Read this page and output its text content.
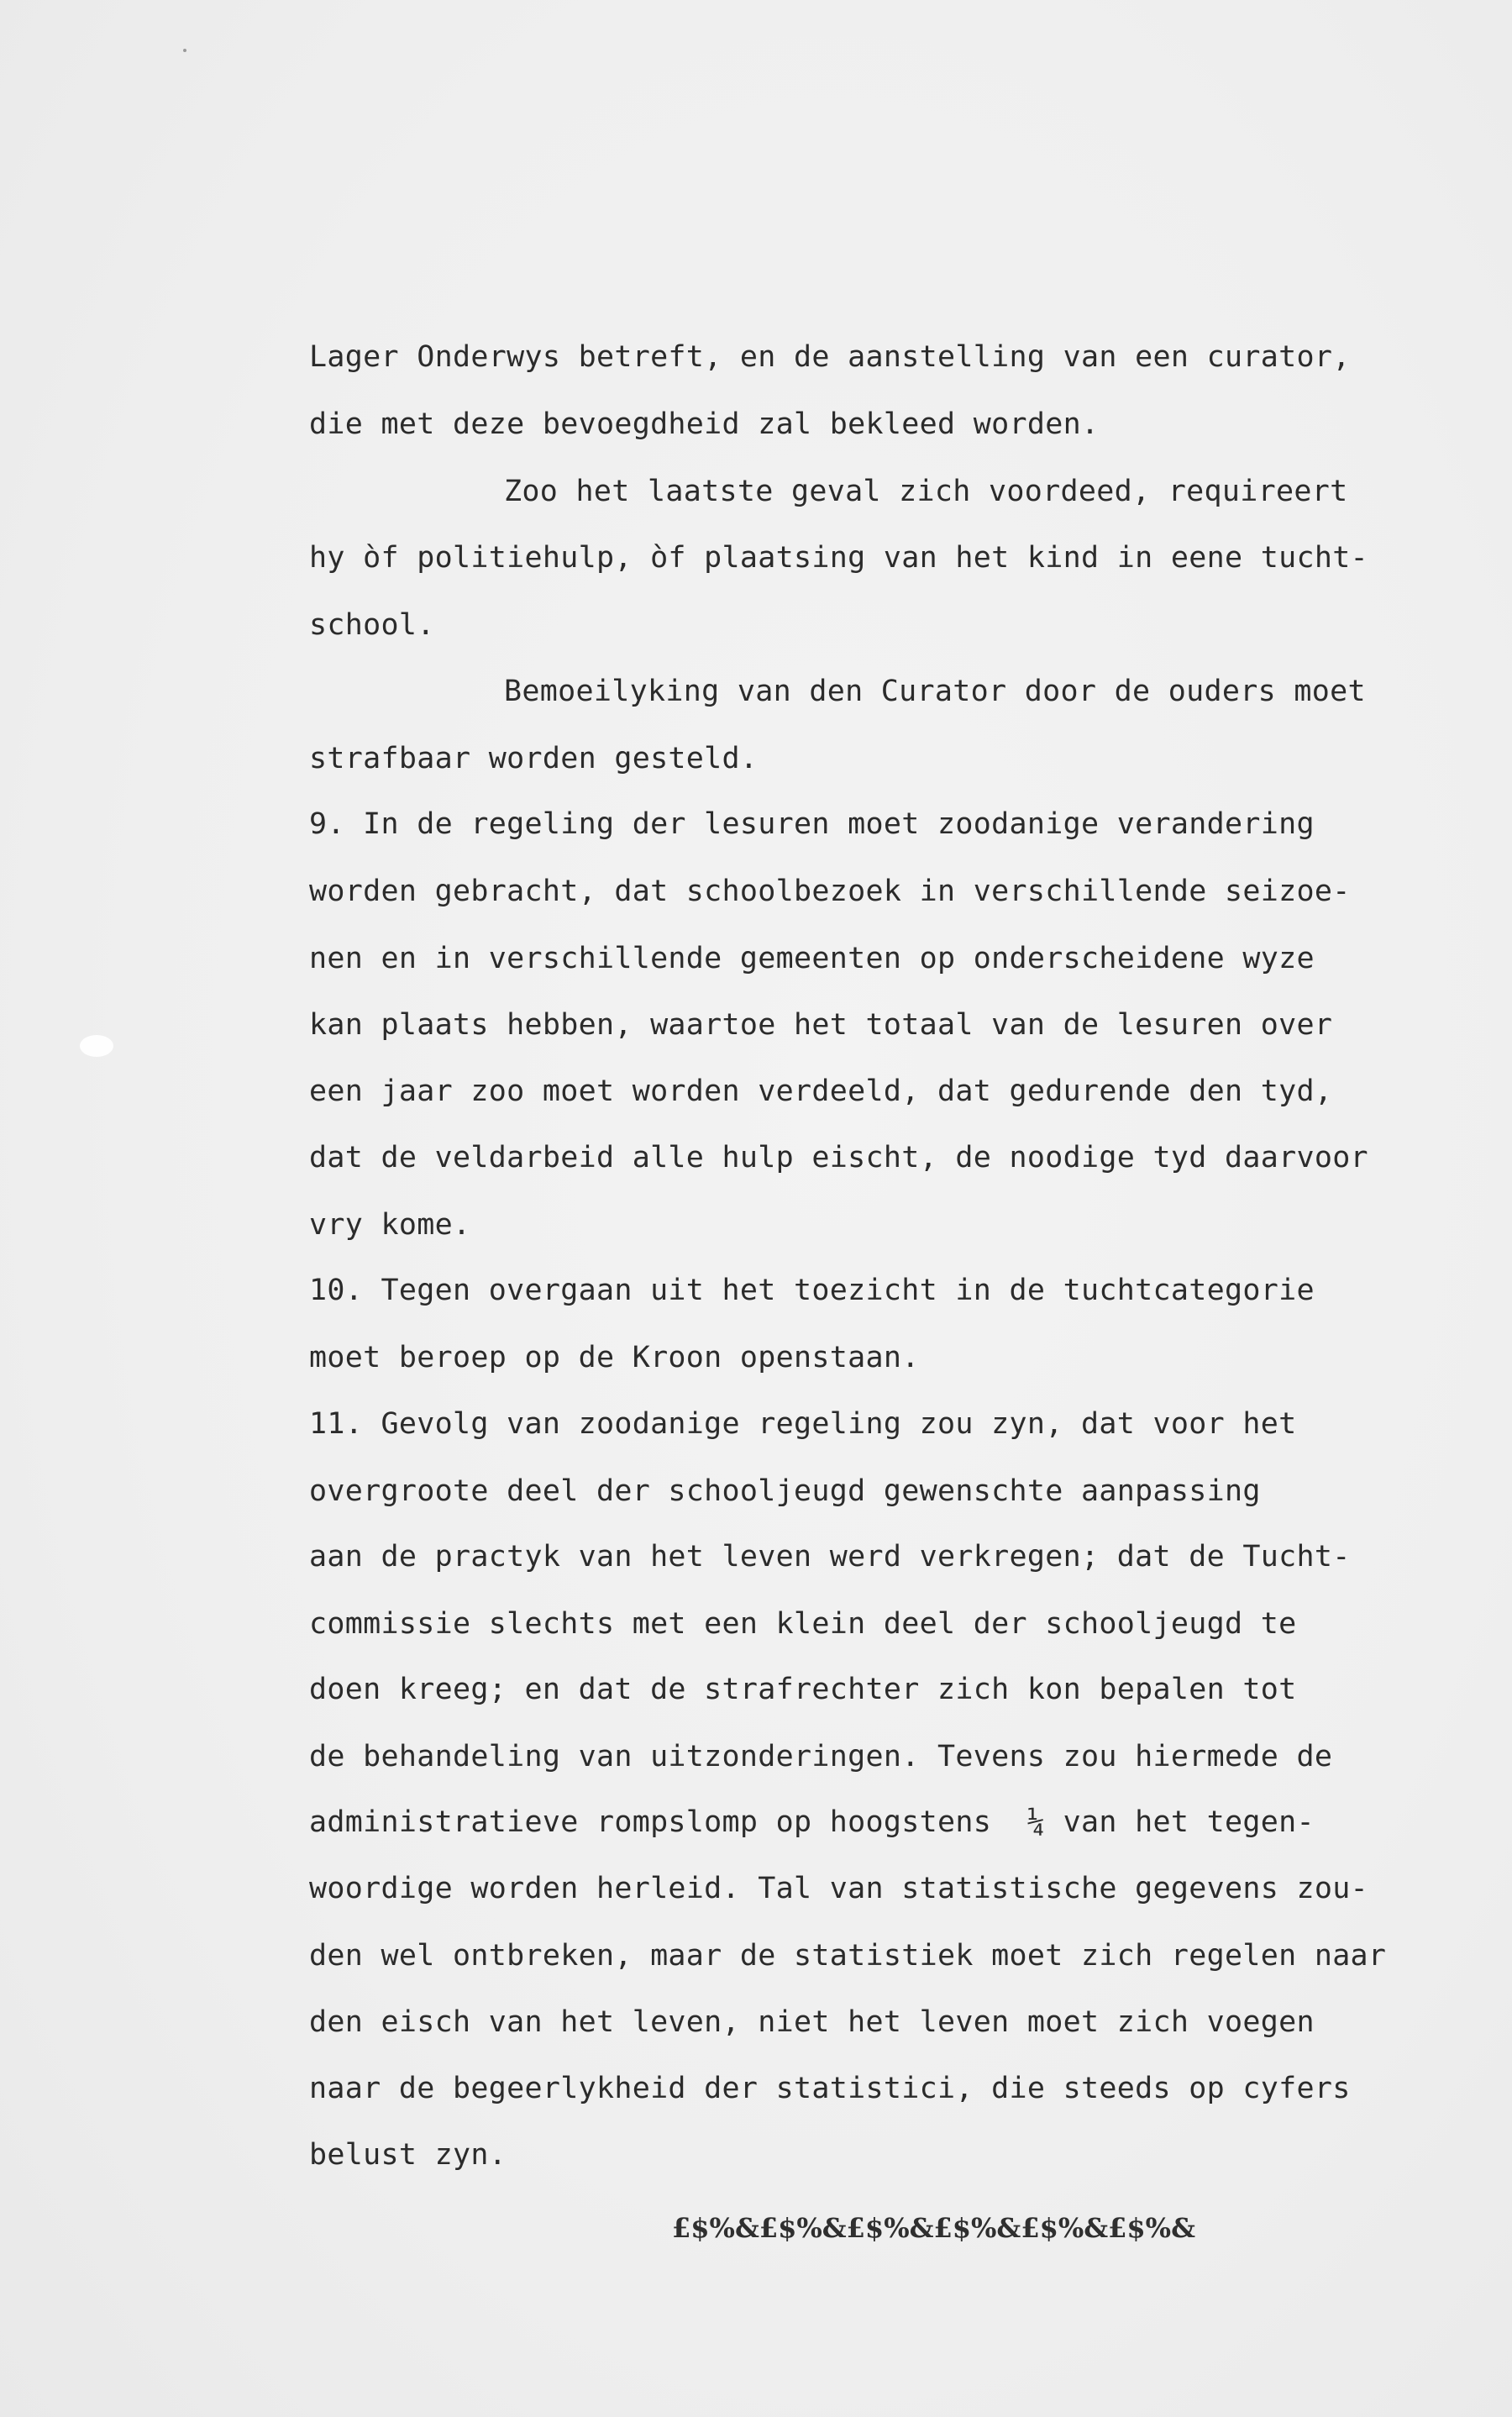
Lager Onderwys betreft, en de aanstelling van een curator,
die met deze bevoegdheid zal bekleed worden.
Zoo het laatste geval zich voordeed, requireert
hy òf politiehulp, òf plaatsing van het kind in eene tucht-
school.
Bemoeilyking van den Curator door de ouders moet
strafbaar worden gesteld.
9. In de regeling der lesuren moet zoodanige verandering
worden gebracht, dat schoolbezoek in verschillende seizoe-
nen en in verschillende gemeenten op onderscheidene wyze
kan plaats hebben, waartoe het totaal van de lesuren over
een jaar zoo moet worden verdeeld, dat gedurende den tyd,
dat de veldarbeid alle hulp eischt, de noodige tyd daarvoor
vry kome.
10. Tegen overgaan uit het toezicht in de tuchtcategorie
moet beroep op de Kroon openstaan.
11. Gevolg van zoodanige regeling zou zyn, dat voor het
overgroote deel der schooljeugd gewenschte aanpassing
aan de practyk van het leven werd verkregen; dat de Tucht-
commissie slechts met een klein deel der schooljeugd te
doen kreeg; en dat de strafrechter zich kon bepalen tot
de behandeling van uitzonderingen. Tevens zou hiermede de
administratieve rompslomp op hoogstens  ¼ van het tegen-
woordige worden herleid. Tal van statistische gegevens zou-
den wel ontbreken, maar de statistiek moet zich regelen naar
den eisch van het leven, niet het leven moet zich voegen
naar de begeerlykheid der statistici, die steeds op cyfers
belust zyn.
£$%&£$%&£$%&£$%&£$%&£$%&
